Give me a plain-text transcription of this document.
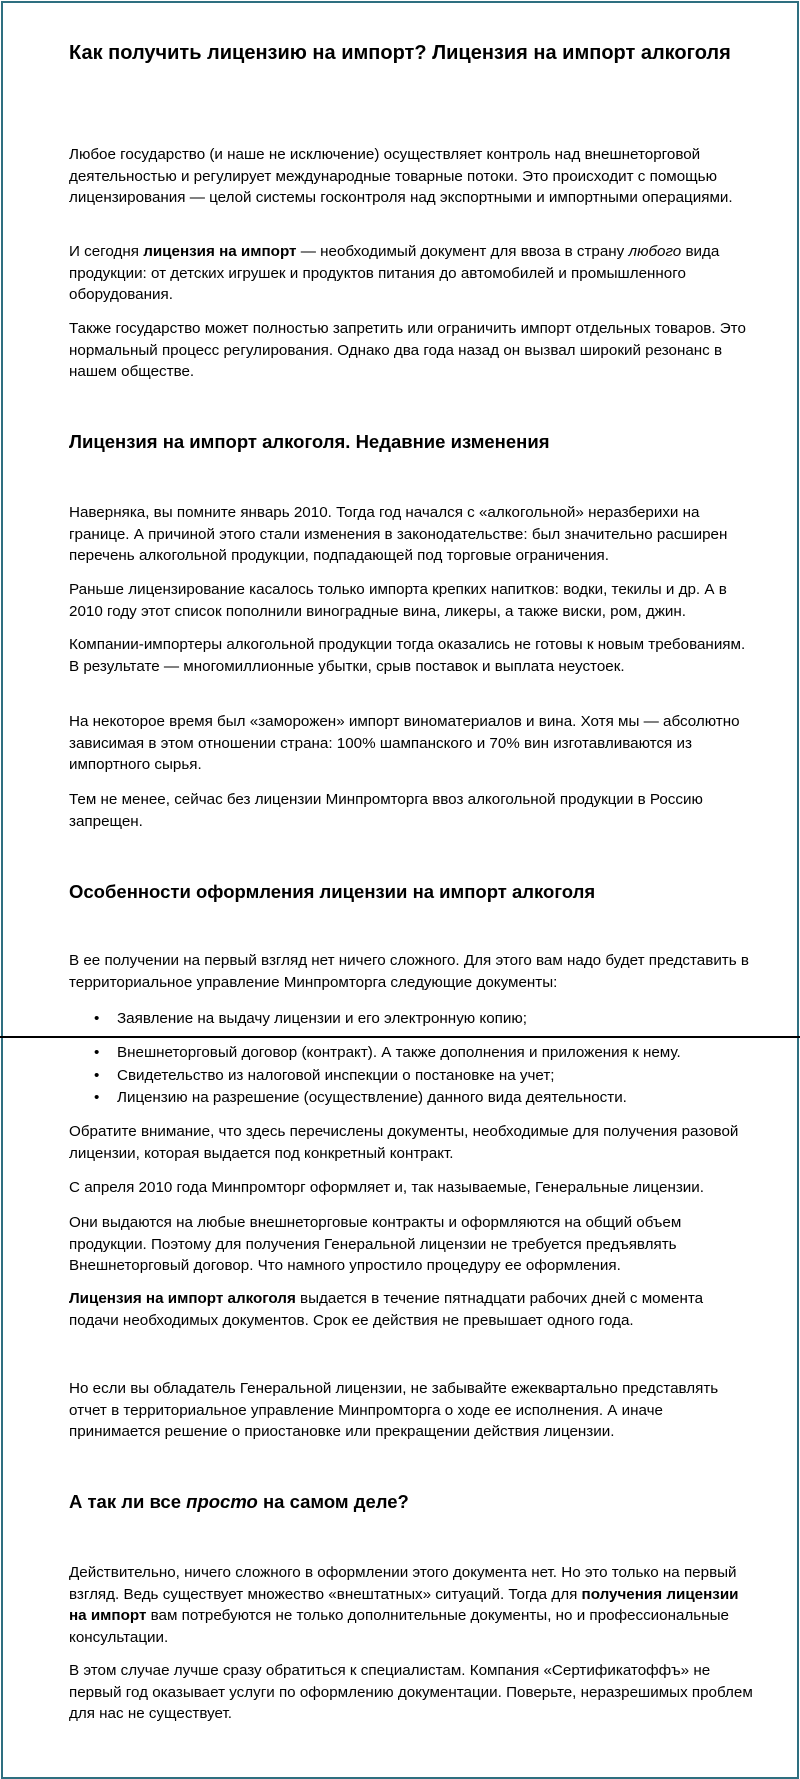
Как получить лицензию на импорт? Лицензия на импорт алкоголя

Любое государство (и наше не исключение) осуществляет контроль над внешнеторговой деятельностью и регулирует международные товарные потоки. Это происходит с помощью лицензирования — целой системы госконтроля над экспортными и импортными операциями.

И сегодня лицензия на импорт — необходимый документ для ввоза в страну любого вида продукции: от детских игрушек и продуктов питания до автомобилей и промышленного оборудования.

Также государство может полностью запретить или ограничить импорт отдельных товаров. Это нормальный процесс регулирования. Однако два года назад он вызвал широкий резонанс в нашем обществе.

Лицензия на импорт алкоголя. Недавние изменения

Наверняка, вы помните январь 2010. Тогда год начался с «алкогольной» неразберихи на границе. А причиной этого стали изменения в законодательстве: был значительно расширен перечень алкогольной продукции, подпадающей под торговые ограничения.

Раньше лицензирование касалось только импорта крепких напитков: водки, текилы и др. А в 2010 году этот список пополнили виноградные вина, ликеры, а также виски, ром, джин.

Компании-импортеры алкогольной продукции тогда оказались не готовы к новым требованиям. В результате — многомиллионные убытки, срыв поставок и выплата неустоек.

На некоторое время был «заморожен» импорт виноматериалов и вина. Хотя мы — абсолютно зависимая в этом отношении страна: 100% шампанского и 70% вин изготавливаются из импортного сырья.

Тем не менее, сейчас без лицензии Минпромторга ввоз алкогольной продукции в Россию запрещен.

Особенности оформления лицензии на импорт алкоголя

В ее получении на первый взгляд нет ничего сложного. Для этого вам надо будет представить в территориальное управление Минпромторга следующие документы:

• Заявление на выдачу лицензии и его электронную копию;
• Внешнеторговый договор (контракт). А также дополнения и приложения к нему.
• Свидетельство из налоговой инспекции о постановке на учет;
• Лицензию на разрешение (осуществление) данного вида деятельности.

Обратите внимание, что здесь перечислены документы, необходимые для получения разовой лицензии, которая выдается под конкретный контракт.

С апреля 2010 года Минпромторг оформляет и, так называемые, Генеральные лицензии.

Они выдаются на любые внешнеторговые контракты и оформляются на общий объем продукции. Поэтому для получения Генеральной лицензии не требуется предъявлять Внешнеторговый договор. Что намного упростило процедуру ее оформления.

Лицензия на импорт алкоголя выдается в течение пятнадцати рабочих дней с момента подачи необходимых документов. Срок ее действия не превышает одного года.

Но если вы обладатель Генеральной лицензии, не забывайте ежеквартально представлять отчет в территориальное управление Минпромторга о ходе ее исполнения. А иначе принимается решение о приостановке или прекращении действия лицензии.

А так ли все просто на самом деле?

Действительно, ничего сложного в оформлении этого документа нет. Но это только на первый взгляд. Ведь существует множество «внештатных» ситуаций. Тогда для получения лицензии на импорт вам потребуются не только дополнительные документы, но и профессиональные консультации.

В этом случае лучше сразу обратиться к специалистам. Компания «Сертификатоффъ» не первый год оказывает услуги по оформлению документации. Поверьте, неразрешимых проблем для нас не существует.
